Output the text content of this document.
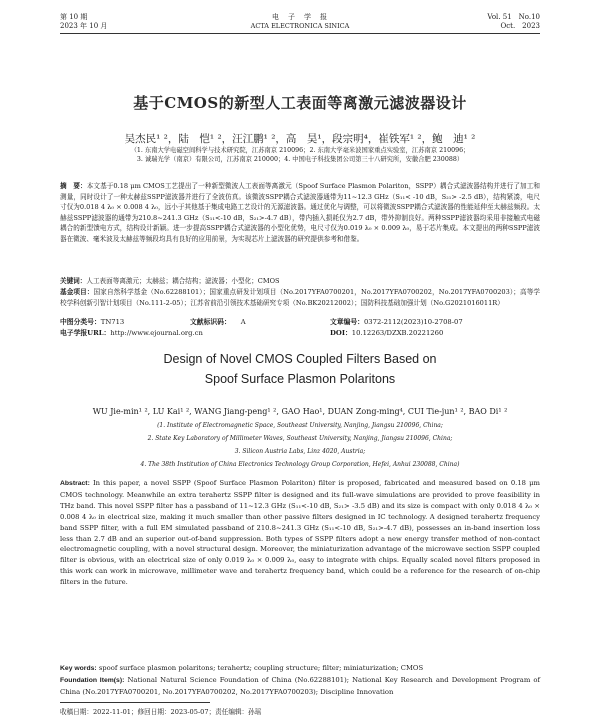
第 10 期
2023 年 10 月
电　子　学　报
ACTA ELECTRONICA SINICA
Vol. 51　No.10
Oct.　2023
基于CMOS的新型人工表面等离激元滤波器设计
吴杰民¹ ²，陆　恺¹ ²，汪江鹏¹ ²，高　昊¹，段宗明⁴，崔铁军¹ ²，鲍　迪¹ ²
（1. 东南大学电磁空间科学与技术研究院，江苏南京 210096；2. 东南大学毫米波国家重点实验室，江苏南京 210096；
3. 诚瑞光学（南京）有限公司，江苏南京 210000；4. 中国电子科技集团公司第三十八研究所，安徽合肥 230088）
摘　要：本文基于0.18 μm CMOS工艺提出了一种新型微波人工表面等离激元（Spoof Surface Plasmon Polariton，SSPP）耦合式滤波器结构并进行了加工和测量，同时设计了一种太赫兹SSPP滤波器并进行了全波仿真。该微波SSPP耦合式滤波器通带为11~12.3 GHz（S₁₁< -10 dB，S₂₁> -2.5 dB），结构紧凑，电尺寸仅为0.018 4 λ₀ × 0.008 4 λ₀，远小于其他基于集成电路工艺设计的无源滤波器。通过优化与调整，可以将微波SSPP耦合式滤波器的性能延伸至太赫兹频段。太赫兹SSPP滤波器的通带为210.8~241.3 GHz（S₁₁<-10 dB，S₂₁>-4.7 dB），带内插入损耗仅为2.7 dB，带外抑制良好。两种SSPP滤波器均采用非接触式电磁耦合的新型馈电方式，结构设计新颖。进一步提高SSPP耦合式滤波器的小型化优势，电尺寸仅为0.019 λ₀ × 0.009 λ₀，易于芯片集成。本文提出的两种SSPP滤波器在微波、毫米波及太赫兹等频段均具有良好的应用前景，为实现芯片上滤波器的研究提供参考和借鉴。
关键词：人工表面等离激元；太赫兹；耦合结构；滤波器；小型化；CMOS
基金项目：国家自然科学基金（No.62288101）；国家重点研发计划项目（No.2017YFA0700201，No.2017YFA0700202，No.2017YFA0700203）；高等学校学科创新引智计划项目（No.111-2-05）；江苏省前沿引领技术基础研究专项（No.BK20212002）；国防科技基础加强计划（No.G2021016011R）
中图分类号：TN713	文献标识码： A	文章编号：0372-2112(2023)10-2708-07
电子学报URL：http://www.ejournal.org.cn	DOI：10.12263/DZXB.20221260
Design of Novel CMOS Coupled Filters Based on
Spoof Surface Plasmon Polaritons
WU Jie-min¹ ², LU Kai¹ ², WANG Jiang-peng¹ ², GAO Hao¹, DUAN Zong-ming⁴, CUI Tie-jun¹ ², BAO Di¹ ²
(1. Institute of Electromagnetic Space, Southeast University, Nanjing, Jiangsu 210096, China;
2. State Key Laboratory of Millimeter Waves, Southeast University, Nanjing, Jiangsu 210096, China;
3. Silicon Austria Labs, Linz 4020, Austria;
4. The 38th Institution of China Electronics Technology Group Corporation, Hefei, Anhui 230088, China)
Abstract: In this paper, a novel SSPP (Spoof Surface Plasmon Polariton) filter is proposed, fabricated and measured based on 0.18 μm CMOS technology. Meanwhile an extra terahertz SSPP filter is designed and its full-wave simulations are provided to prove feasibility in THz band. This novel SSPP filter has a passband of 11~12.3 GHz (S₁₁<-10 dB, S₂₁> -3.5 dB) and its size is compact with only 0.018 4 λ₀ × 0.008 4 λ₀ in electrical size, making it much smaller than other passive filters designed in IC technology. A designed terahertz frequency band SSPP filter, with a full EM simulated passband of 210.8~241.3 GHz (S₁₁<-10 dB, S₂₁>-4.7 dB), possesses an in-band insertion loss less than 2.7 dB and an superior out-of-band suppression. Both types of SSPP filters adopt a new energy transfer method of non-contact electromagnetic coupling, with a novel structural design. Moreover, the miniaturization advantage of the microwave section SSPP coupled filter is obvious, with an electrical size of only 0.019 λ₀ × 0.009 λ₀, easy to integrate with chips. Equally scaled novel filters proposed in this work can work in microwave, millimeter wave and terahertz frequency band, which could be a reference for the research of on-chip filters in the future.
Key words: spoof surface plasmon polaritons; terahertz; coupling structure; filter; miniaturization; CMOS
Foundation Item(s): National Natural Science Foundation of China (No.62288101); National Key Research and Development Program of China (No.2017YFA0700201, No.2017YFA0700202, No.2017YFA0700203); Discipline Innovation
收稿日期：2022-11-01；修回日期：2023-05-07；责任编辑：孙瑶
